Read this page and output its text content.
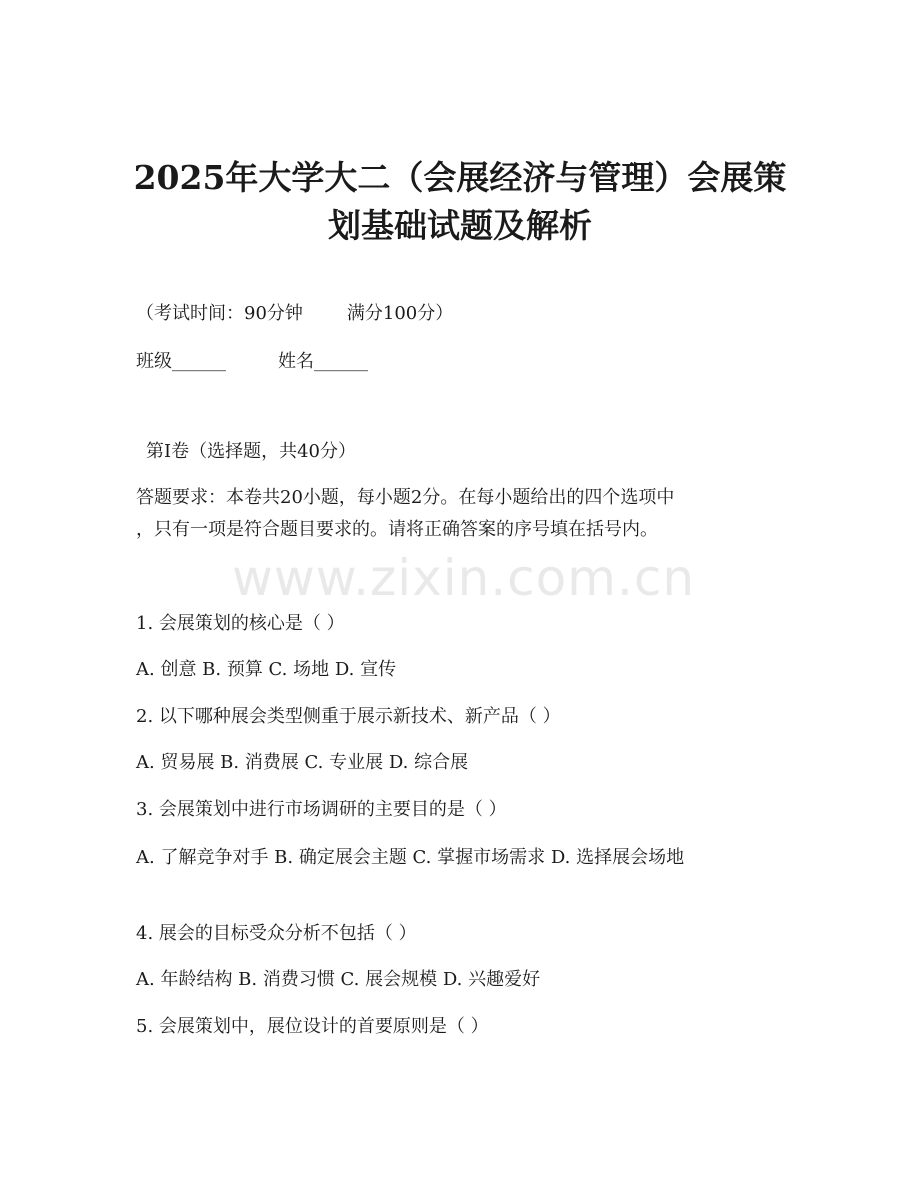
2025年大学大二（会展经济与管理）会展策
划基础试题及解析

（考试时间：90分钟 满分100分）

班级______	姓名______

第Ⅰ卷（选择题，共40分）

答题要求：本卷共20小题，每小题2分。在每小题给出的四个选项中

，只有一项是符合题目要求的。请将正确答案的序号填在括号内。

www.zixin.com.cn

1. 会展策划的核心是（ ）

A. 创意 B. 预算 C. 场地 D. 宣传

2. 以下哪种展会类型侧重于展示新技术、新产品（ ）

A. 贸易展 B. 消费展 C. 专业展 D. 综合展

3. 会展策划中进行市场调研的主要目的是（ ）

A. 了解竞争对手 B. 确定展会主题 C. 掌握市场需求 D. 选择展会场地

4. 展会的目标受众分析不包括（ ）

A. 年龄结构 B. 消费习惯 C. 展会规模 D. 兴趣爱好

5. 会展策划中，展位设计的首要原则是（ ）
